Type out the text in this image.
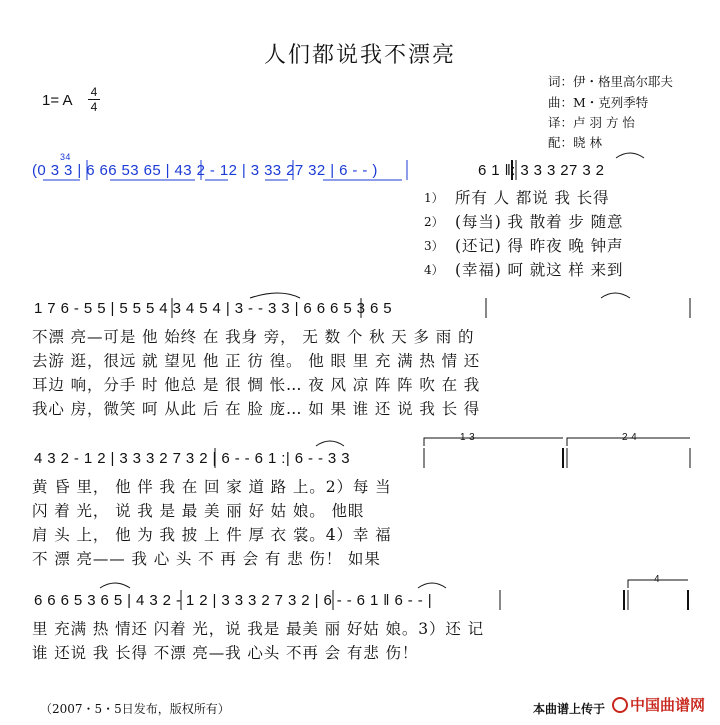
人们都说我不漂亮
1= A 4
4
词：伊・格里高尔耶夫
曲：M・克列季特
译：卢 羽 方 怡
配：晓 林
34
(0 3 3 | 6 66 53 65 | 43 2 - 12 | 3 33 27 32 | 6 - - )	6 1 ‖: 3 3 3 27 3 2
1） 所有 人 都说 我 长得
2） (每当) 我 散着 步 随意
3） (还记) 得 昨夜 晚 钟声
4） (幸福) 呵 就这 样 来到
1 7 6 - 5 5 | 5 5 5 4 3 4 5 4 | 3 - - 3 3 | 6 6 6 5 3 6 5
不漂 亮—可是 他 始终 在 我身 旁， 无 数 个 秋 天 多 雨 的
去游 逛，很远 就 望见 他 正 彷 徨。 他 眼 里 充 满 热 情 还
耳边 响，分手 时 他总 是 很 惆 怅… 夜 风 凉 阵 阵 吹 在 我
我心 房，微笑 呵 从此 后 在 脸 庞… 如 果 谁 还 说 我 长 得
1 3	2 4
4 3 2 - 1 2 | 3 3 3 2 7 3 2 | 6 - - 6 1 :| 6 - - 3 3
黄 昏 里， 他 伴 我 在 回 家 道 路 上。2）每 当
闪 着 光， 说 我 是 最 美 丽 好 姑 娘。 他眼
肩 头 上， 他 为 我 披 上 件 厚 衣 裳。4）幸 福
不 漂 亮—— 我 心 头 不 再 会 有 悲 伤！ 如果
4
6 6 6 5 3 6 5 | 4 3 2 - 1 2 | 3 3 3 2 7 3 2 | 6 - - 6 1 ‖ 6 - - |
里 充满 热 情还 闪着 光，说 我是 最美 丽 好姑 娘。3）还 记
谁 还说 我 长得 不漂 亮—我 心头 不再 会 有悲 伤！
（2007・5・5日发布，版权所有）	本曲谱上传于 中国曲谱网
